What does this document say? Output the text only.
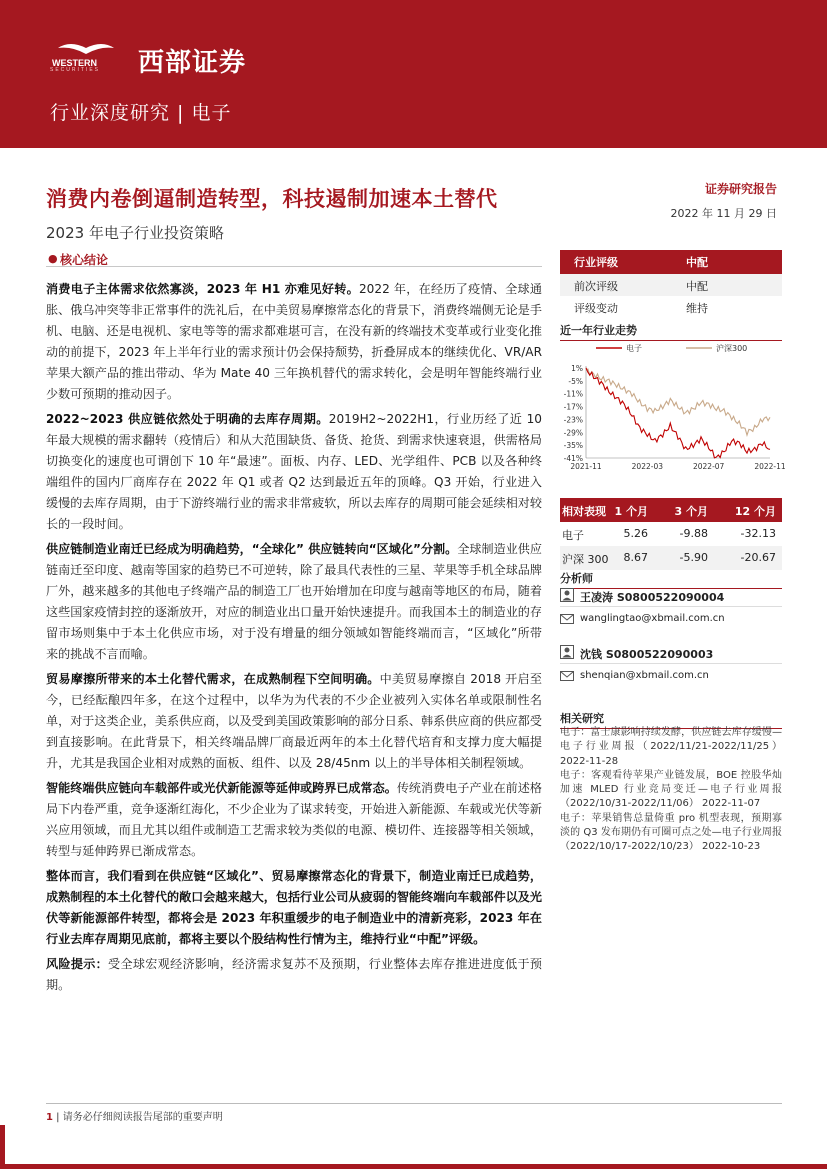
WESTERN
SECURITIES 西部证券
行业深度研究 | 电子
证券研究报告
2022 年 11 月 29 日
消费内卷倒逼制造转型，科技遏制加速本土替代
2023 年电子行业投资策略
● 核心结论

消费电子主体需求依然寡淡，2023 年 H1 亦难见好转。2022 年，在经历了疫情、全球通胀、俄乌冲突等非正常事件的洗礼后，在中美贸易摩擦常态化的背景下，消费终端侧无论是手机、电脑、还是电视机、家电等等的需求都难堪可言，在没有新的终端技术变革或行业变化推动的前提下，2023 年上半年行业的需求预计仍会保持颓势，折叠屏成本的继续优化、VR/AR 苹果大额产品的推出带动、华为 Mate 40 三年换机替代的需求转化，会是明年智能终端行业少数可预期的推动因子。

2022~2023 供应链依然处于明确的去库存周期。2019H2~2022H1，行业历经了近 10 年最大规模的需求翻转（疫情后）和从大范围缺货、备货、抢货、到需求快速衰退，供需格局切换变化的速度也可谓创下 10 年“最速”。面板、内存、LED、光学组件、PCB 以及各种终端组件的国内厂商库存在 2022 年 Q1 或者 Q2 达到最近五年的顶峰。Q3 开始，行业进入缓慢的去库存周期，由于下游终端行业的需求非常疲软，所以去库存的周期可能会延续相对较长的一段时间。

供应链制造业南迁已经成为明确趋势，“全球化” 供应链转向“区域化”分割。全球制造业供应链南迁至印度、越南等国家的趋势已不可逆转，除了最具代表性的三星、苹果等手机全球品牌厂外，越来越多的其他电子终端产品的制造工厂也开始增加在印度与越南等地区的布局，随着这些国家疫情封控的逐渐放开，对应的制造业出口量开始快速提升。而我国本土的制造业的存留市场则集中于本土化供应市场，对于没有增量的细分领域如智能终端而言，“区域化”所带来的挑战不言而喻。

贸易摩擦所带来的本土化替代需求，在成熟制程下空间明确。中美贸易摩擦自 2018 开启至今，已经酝酿四年多，在这个过程中，以华为为代表的不少企业被列入实体名单或限制性名单，对于这类企业，美系供应商，以及受到美国政策影响的部分日系、韩系供应商的供应都受到直接影响。在此背景下，相关终端品牌厂商最近两年的本土化替代培育和支撑力度大幅提升，尤其是我国企业相对成熟的面板、组件、以及 28/45nm 以上的半导体相关制程领域。

智能终端供应链向车载部件或光伏新能源等延伸或跨界已成常态。传统消费电子产业在前述格局下内卷严重，竞争逐渐红海化，不少企业为了谋求转变，开始进入新能源、车载或光伏等新兴应用领域，而且尤其以组件或制造工艺需求较为类似的电源、模切件、连接器等相关领域，转型与延伸跨界已渐成常态。

整体而言，我们看到在供应链“区域化”、贸易摩擦常态化的背景下，制造业南迁已成趋势，成熟制程的本土化替代的敞口会越来越大，包括行业公司从疲弱的智能终端向车载部件以及光伏等新能源部件转型，都将会是 2023 年积重缓步的电子制造业中的清新亮彩，2023 年在行业去库存周期见底前，都将主要以个股结构性行情为主，维持行业“中配”评级。

风险提示：受全球宏观经济影响，经济需求复苏不及预期，行业整体去库存推进进度低于预期。

行业评级	中配
前次评级	中配
评级变动	维持
近一年行业走势
电子	沪深300
1%
-5%
-11%
-17%
-23%
-29%
-35%
-41%
2021-11	2022-03	2022-07	2022-11
相对表现 1 个月 3 个月 12 个月
电子	5.26	-9.88	-32.13
沪深 300 8.67	-5.90	-20.67
分析师
王凌涛 S0800522090004
wanglingtao@xbmail.com.cn
沈钱 S0800522090003
shenqian@xbmail.com.cn
相关研究
电子：富士康影响持续发酵，供应链去库存缓慢—电子行业周报（2022/11/21-2022/11/25） 2022-11-28
电子：客观看待苹果产业链发展，BOE 控股华灿加速 MLED 行业竞局变迁—电子行业周报（2022/10/31-2022/11/06） 2022-11-07
电子：苹果销售总量倚重 pro 机型表现，预期寡淡的 Q3 发布期仍有可圈可点之处—电子行业周报（2022/10/17-2022/10/23） 2022-10-23
1 | 请务必仔细阅读报告尾部的重要声明
